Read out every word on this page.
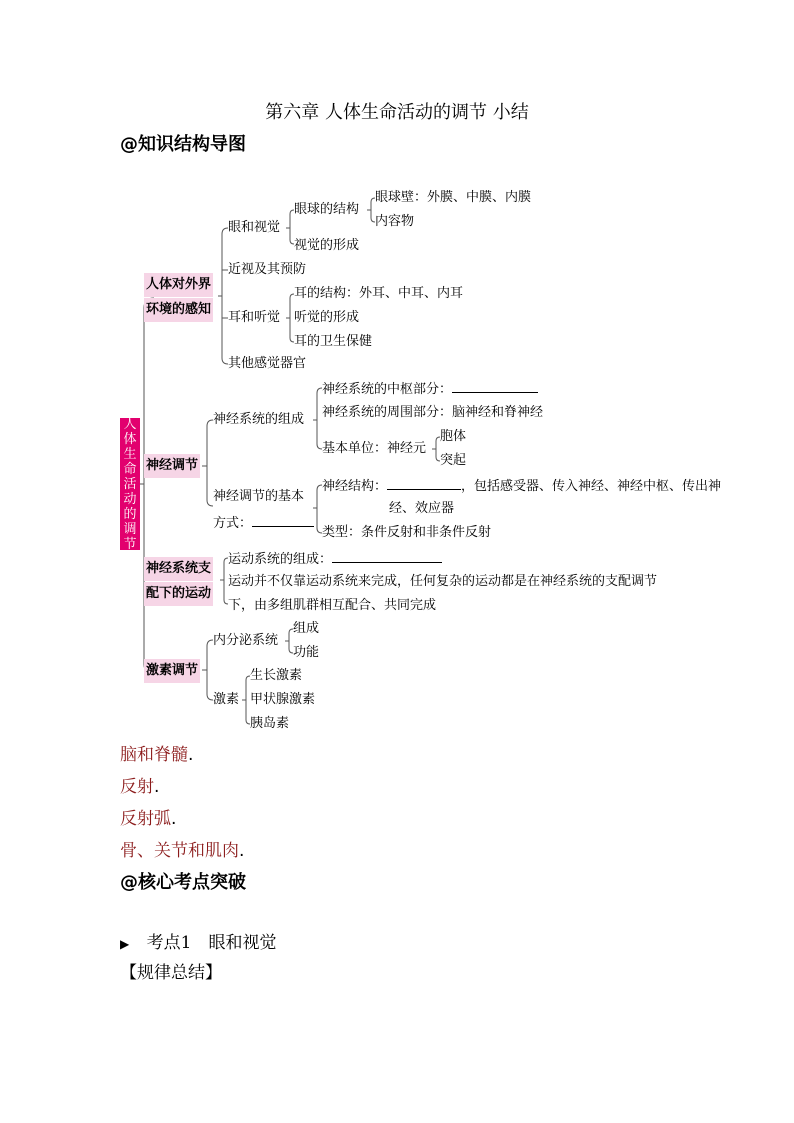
第六章 人体生命活动的调节 小结
@知识结构导图
人
体
生
命
活
动
的
调
节
人体对外界
环境的感知
神经调节
神经系统支
配下的运动
激素调节
眼和视觉
眼球的结构
眼球壁：外膜、中膜、内膜
内容物
视觉的形成
近视及其预防
耳和听觉
耳的结构：外耳、中耳、内耳
听觉的形成
耳的卫生保健
其他感觉器官
神经系统的组成
神经系统的中枢部分：
神经系统的周围部分：脑神经和脊神经
基本单位：神经元
胞体
突起
神经调节的基本
方式：
神经结构：	，包括感受器、传入神经、神经中枢、传出神
经、效应器
类型：条件反射和非条件反射
运动系统的组成：
运动并不仅靠运动系统来完成，任何复杂的运动都是在神经系统的支配调节
下，由多组肌群相互配合、共同完成
内分泌系统
组成
功能
激素
生长激素
甲状腺激素
胰岛素
脑和脊髓.
反射.
反射弧.
骨、关节和肌肉.
@核心考点突破
▶ 考点1　眼和视觉
【规律总结】
